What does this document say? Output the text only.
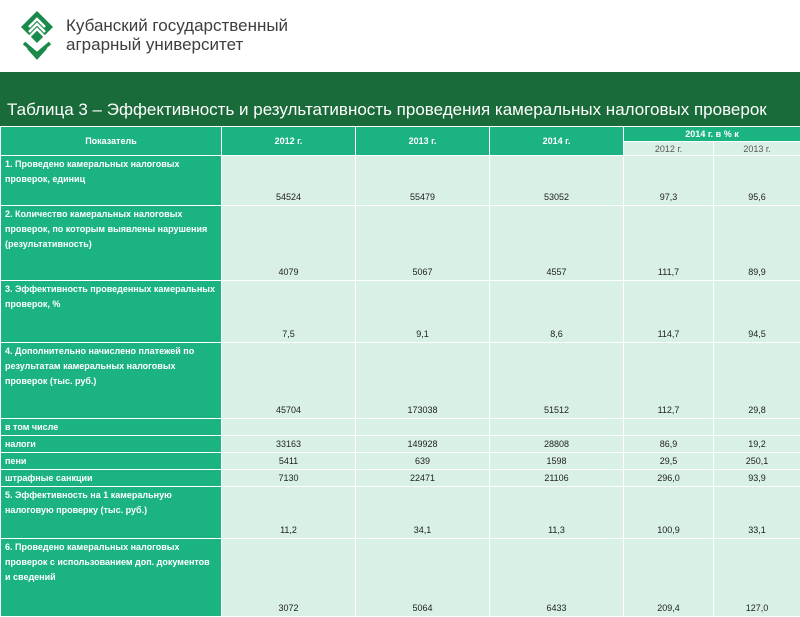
Кубанский государственный
аграрный университет
Таблица 3 – Эффективность и результативность проведения камеральных налоговых проверок
Показатель	2012 г.	2013 г.	2014 г.	2014 г. в % к	
				2012 г.	2013 г.
1. Проведено камеральных налоговых проверок, единиц	54524	55479	53052	97,3	95,6
2. Количество камеральных налоговых проверок, по которым выявлены нарушения (результативность)	4079	5067	4557	111,7	89,9
3. Эффективность проведенных камеральных проверок, %	7,5	9,1	8,6	114,7	94,5
4. Дополнительно начислено платежей по результатам камеральных налоговых проверок (тыс. руб.)	45704	173038	51512	112,7	29,8
в том числе					
налоги	33163	149928	28808	86,9	19,2
пени	5411	639	1598	29,5	250,1
штрафные санкции	7130	22471	21106	296,0	93,9
5. Эффективность на 1 камеральную налоговую проверку (тыс. руб.)	11,2	34,1	11,3	100,9	33,1
6. Проведено камеральных налоговых проверок с использованием доп. документов и сведений	3072	5064	6433	209,4	127,0
